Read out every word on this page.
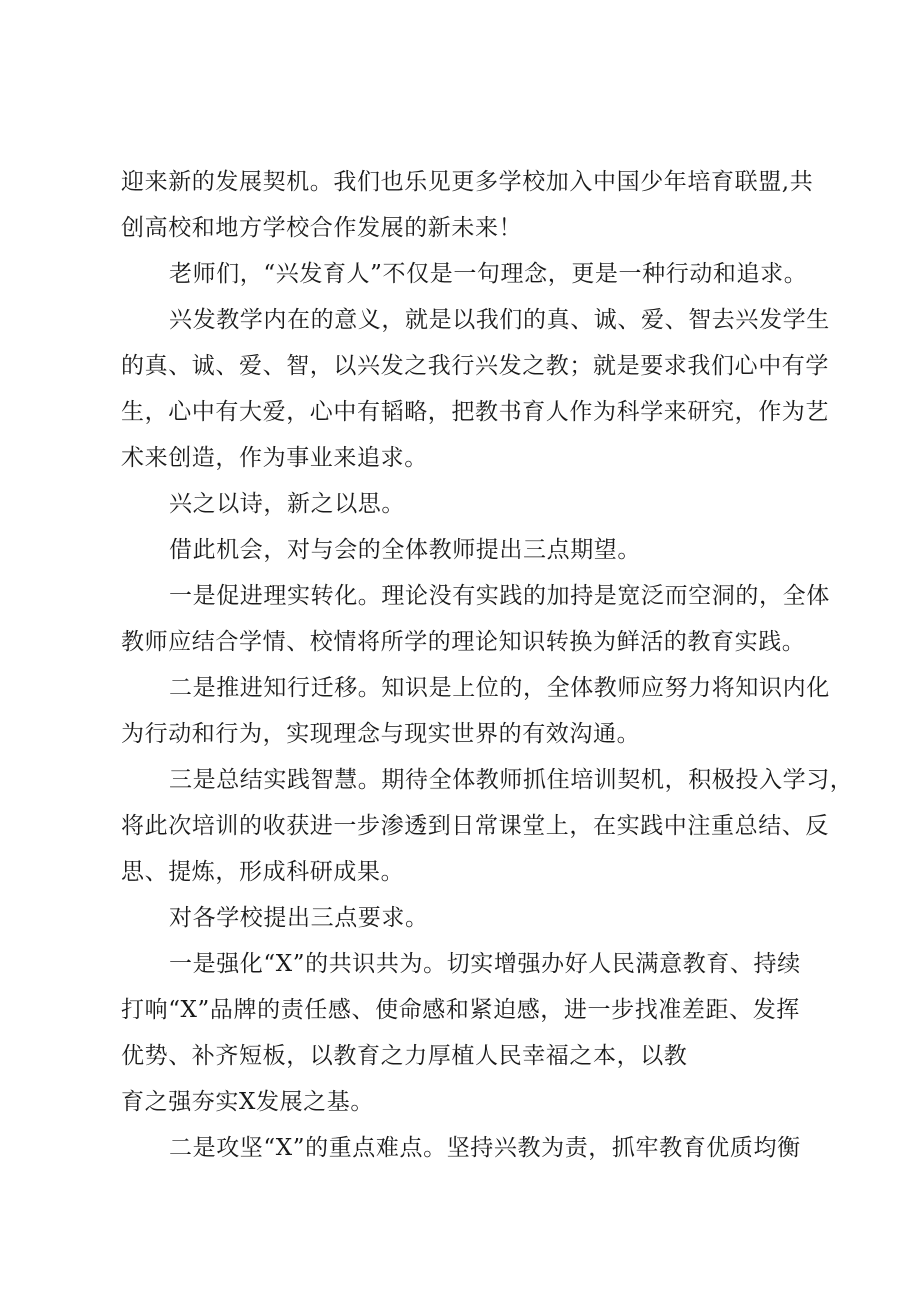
迎来新的发展契机。我们也乐见更多学校加入中国少年培育联盟,共
创高校和地方学校合作发展的新未来！
老师们，“兴发育人”不仅是一句理念，更是一种行动和追求。
兴发教学内在的意义，就是以我们的真、诚、爱、智去兴发学生
的真、诚、爱、智，以兴发之我行兴发之教；就是要求我们心中有学
生，心中有大爱，心中有韬略，把教书育人作为科学来研究，作为艺
术来创造，作为事业来追求。
兴之以诗，新之以思。
借此机会，对与会的全体教师提出三点期望。
一是促进理实转化。理论没有实践的加持是宽泛而空洞的，全体
教师应结合学情、校情将所学的理论知识转换为鲜活的教育实践。
二是推进知行迁移。知识是上位的，全体教师应努力将知识内化
为行动和行为，实现理念与现实世界的有效沟通。
三是总结实践智慧。期待全体教师抓住培训契机，积极投入学习，
将此次培训的收获进一步渗透到日常课堂上，在实践中注重总结、反
思、提炼，形成科研成果。
对各学校提出三点要求。
一是强化“X”的共识共为。切实增强办好人民满意教育、持续
打响“X”品牌的责任感、使命感和紧迫感，进一步找准差距、发挥
优势、补齐短板，以教育之力厚植人民幸福之本，以教
育之强夯实X发展之基。
二是攻坚“X”的重点难点。坚持兴教为责，抓牢教育优质均衡
